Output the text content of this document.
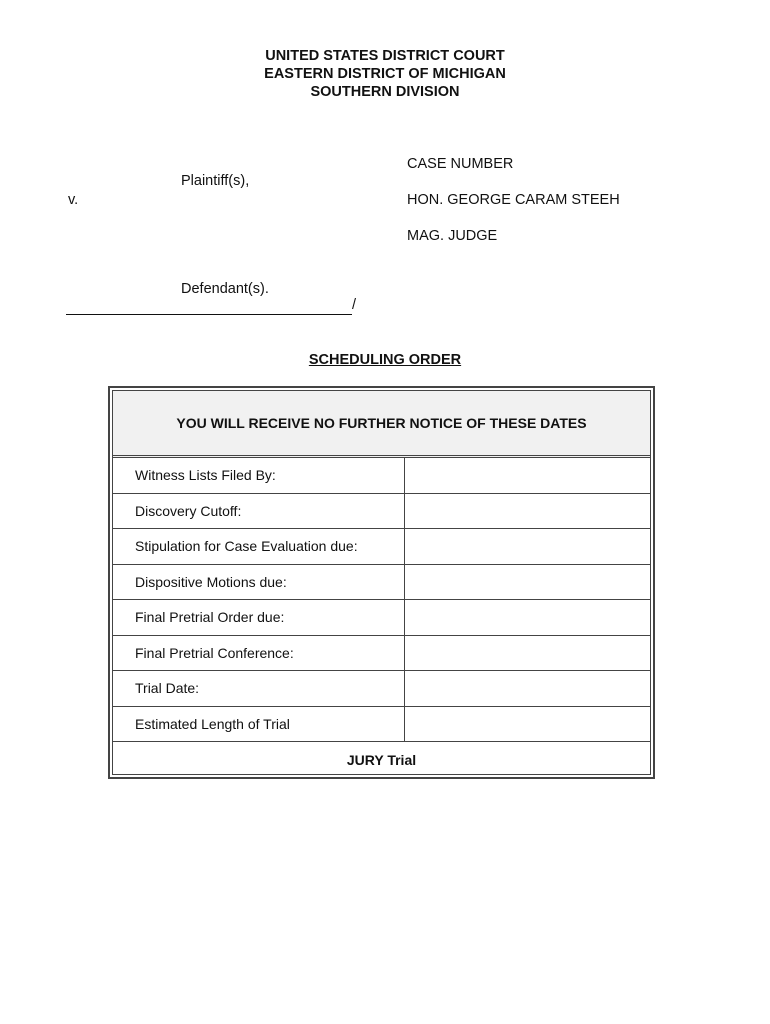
UNITED STATES DISTRICT COURT
EASTERN DISTRICT OF MICHIGAN
SOUTHERN DIVISION
Plaintiff(s),
v.
Defendant(s).
/
CASE NUMBER
HON. GEORGE CARAM STEEH
MAG. JUDGE
SCHEDULING ORDER
YOU WILL RECEIVE NO FURTHER NOTICE OF THESE DATES
Witness Lists Filed By:
Discovery Cutoff:
Stipulation for Case Evaluation due:
Dispositive Motions due:
Final Pretrial Order due:
Final Pretrial Conference:
Trial Date:
Estimated Length of Trial
JURY Trial
